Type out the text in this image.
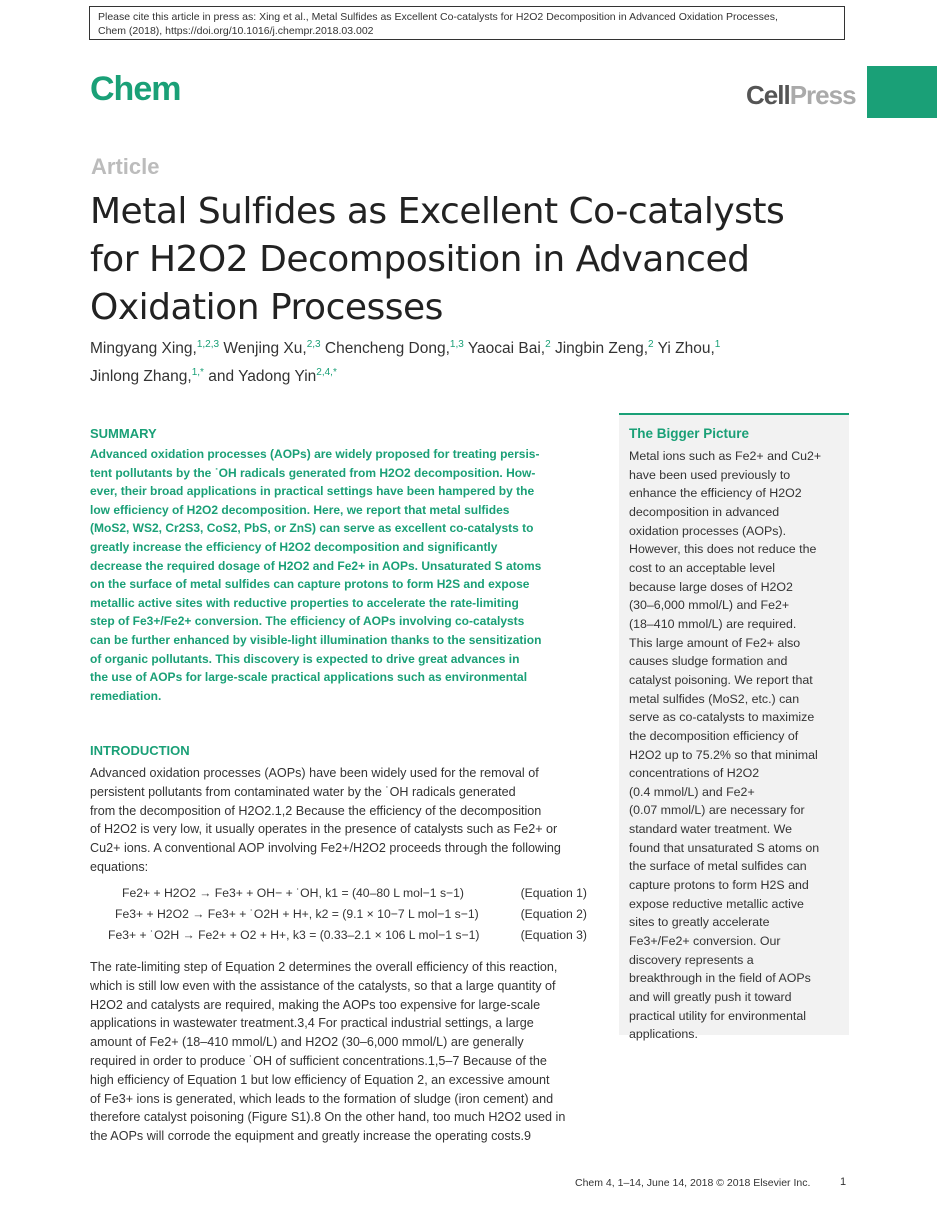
Please cite this article in press as: Xing et al., Metal Sulfides as Excellent Co-catalysts for H2O2 Decomposition in Advanced Oxidation Processes,
Chem (2018), https://doi.org/10.1016/j.chempr.2018.03.002
Chem	CellPress
Article
Metal Sulfides as Excellent Co-catalysts
for H2O2 Decomposition in Advanced
Oxidation Processes
Mingyang Xing,$^{1,2,3}$ Wenjing Xu,$^{2,3}$ Chencheng Dong,$^{1,3}$ Yaocai Bai,$^2$ Jingbin Zeng,$^2$ Yi Zhou,$^1$
Jinlong Zhang,$^{1,*}$ and Yadong Yin$^{2,4,*}$
SUMMARY
Advanced oxidation processes (AOPs) are widely proposed for treating persis-
tent pollutants by the ˙OH radicals generated from H2O2 decomposition. How-
ever, their broad applications in practical settings have been hampered by the
low efficiency of H2O2 decomposition. Here, we report that metal sulfides
(MoS2, WS2, Cr2S3, CoS2, PbS, or ZnS) can serve as excellent co-catalysts to
greatly increase the efficiency of H2O2 decomposition and significantly
decrease the required dosage of H2O2 and Fe2+ in AOPs. Unsaturated S atoms
on the surface of metal sulfides can capture protons to form H2S and expose
metallic active sites with reductive properties to accelerate the rate-limiting
step of Fe3+/Fe2+ conversion. The efficiency of AOPs involving co-catalysts
can be further enhanced by visible-light illumination thanks to the sensitization
of organic pollutants. This discovery is expected to drive great advances in
the use of AOPs for large-scale practical applications such as environmental
remediation.
INTRODUCTION
Advanced oxidation processes (AOPs) have been widely used for the removal of
persistent pollutants from contaminated water by the ˙OH radicals generated
from the decomposition of H2O2.1,2 Because the efficiency of the decomposition
of H2O2 is very low, it usually operates in the presence of catalysts such as Fe2+ or
Cu2+ ions. A conventional AOP involving Fe2+/H2O2 proceeds through the following
equations:
Fe2+ + H2O2 → Fe3+ + OH− + ˙OH, k1 = (40–80 L mol−1 s−1)	(Equation 1)
Fe3+ + H2O2 → Fe3+ + ˙O2H + H+, k2 = (9.1 × 10−7 L mol−1 s−1)	(Equation 2)
Fe3+ + ˙O2H → Fe2+ + O2 + H+, k3 = (0.33–2.1 × 106 L mol−1 s−1)	(Equation 3)
The rate-limiting step of Equation 2 determines the overall efficiency of this reaction,
which is still low even with the assistance of the catalysts, so that a large quantity of
H2O2 and catalysts are required, making the AOPs too expensive for large-scale
applications in wastewater treatment.3,4 For practical industrial settings, a large
amount of Fe2+ (18–410 mmol/L) and H2O2 (30–6,000 mmol/L) are generally
required in order to produce ˙OH of sufficient concentrations.1,5–7 Because of the
high efficiency of Equation 1 but low efficiency of Equation 2, an excessive amount
of Fe3+ ions is generated, which leads to the formation of sludge (iron cement) and
therefore catalyst poisoning (Figure S1).8 On the other hand, too much H2O2 used in
the AOPs will corrode the equipment and greatly increase the operating costs.9
The Bigger Picture
Metal ions such as Fe2+ and Cu2+
have been used previously to
enhance the efficiency of H2O2
decomposition in advanced
oxidation processes (AOPs).
However, this does not reduce the
cost to an acceptable level
because large doses of H2O2
(30–6,000 mmol/L) and Fe2+
(18–410 mmol/L) are required.
This large amount of Fe2+ also
causes sludge formation and
catalyst poisoning. We report that
metal sulfides (MoS2, etc.) can
serve as co-catalysts to maximize
the decomposition efficiency of
H2O2 up to 75.2% so that minimal
concentrations of H2O2
(0.4 mmol/L) and Fe2+
(0.07 mmol/L) are necessary for
standard water treatment. We
found that unsaturated S atoms on
the surface of metal sulfides can
capture protons to form H2S and
expose reductive metallic active
sites to greatly accelerate
Fe3+/Fe2+ conversion. Our
discovery represents a
breakthrough in the field of AOPs
and will greatly push it toward
practical utility for environmental
applications.
Chem 4, 1–14, June 14, 2018 © 2018 Elsevier Inc.	1
